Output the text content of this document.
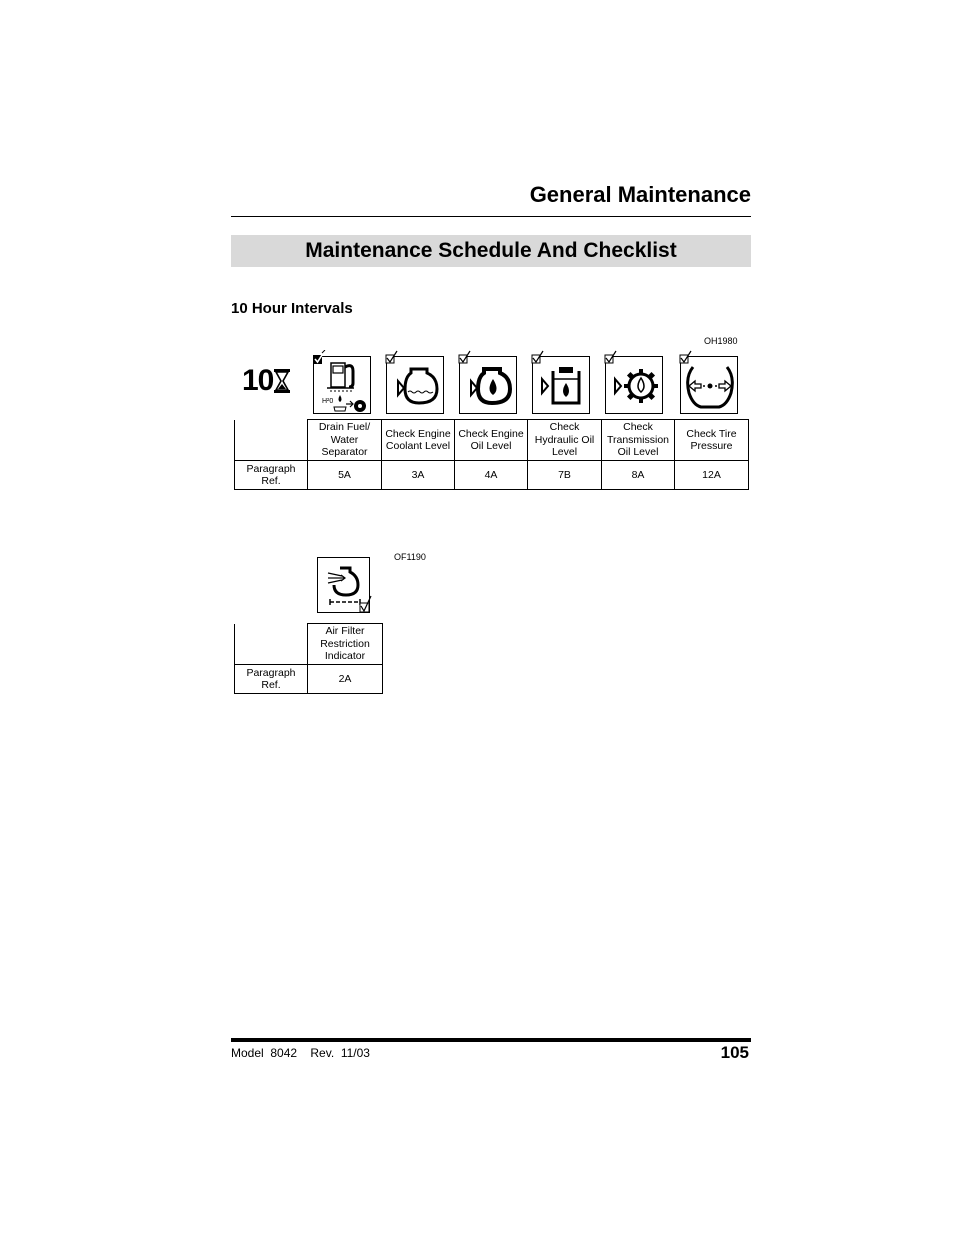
General Maintenance
Maintenance Schedule And Checklist
10 Hour Intervals
OH1980
10
H²0
	Drain Fuel/ Water Separator	Check Engine Coolant Level	Check Engine Oil Level	Check Hydraulic Oil Level	Check Transmission Oil Level	Check Tire Pressure
Paragraph Ref.	5A	3A	4A	7B	8A	12A
OF1190
	Air Filter Restriction Indicator
Paragraph Ref.	2A
Model  8042    Rev.  11/03	105
